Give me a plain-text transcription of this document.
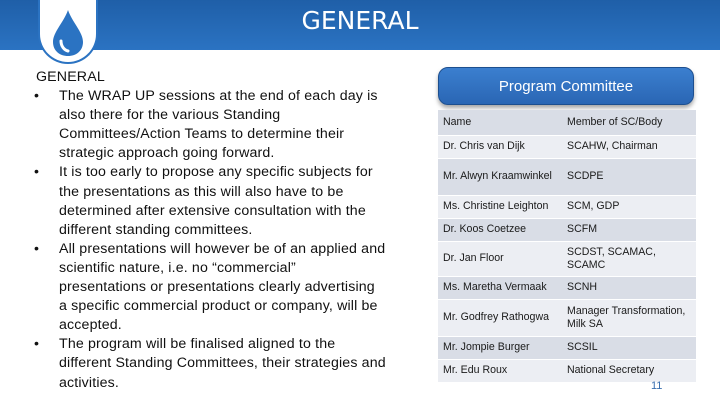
GENERAL
GENERAL
• The WRAP UP sessions at the end of each day is also there for the various Standing Committees/Action Teams to determine their strategic approach going forward.
• It is too early to propose any specific subjects for the presentations as this will also have to be determined after extensive consultation with the different standing committees.
• All presentations will however be of an applied and scientific nature, i.e. no “commercial” presentations or presentations clearly advertising a specific commercial product or company, will be accepted.
• The program will be finalised aligned to the different Standing Committees, their strategies and activities.
Program Committee
Name	Member of SC/Body
Dr. Chris van Dijk	SCAHW, Chairman
Mr. Alwyn Kraamwinkel	SCDPE
Ms. Christine Leighton	SCM, GDP
Dr. Koos Coetzee	SCFM
Dr. Jan Floor	SCDST, SCAMAC, SCAMC
Ms. Maretha Vermaak	SCNH
Mr. Godfrey Rathogwa	Manager Transformation, Milk SA
Mr. Jompie Burger	SCSIL
Mr. Edu Roux	National Secretary
11
